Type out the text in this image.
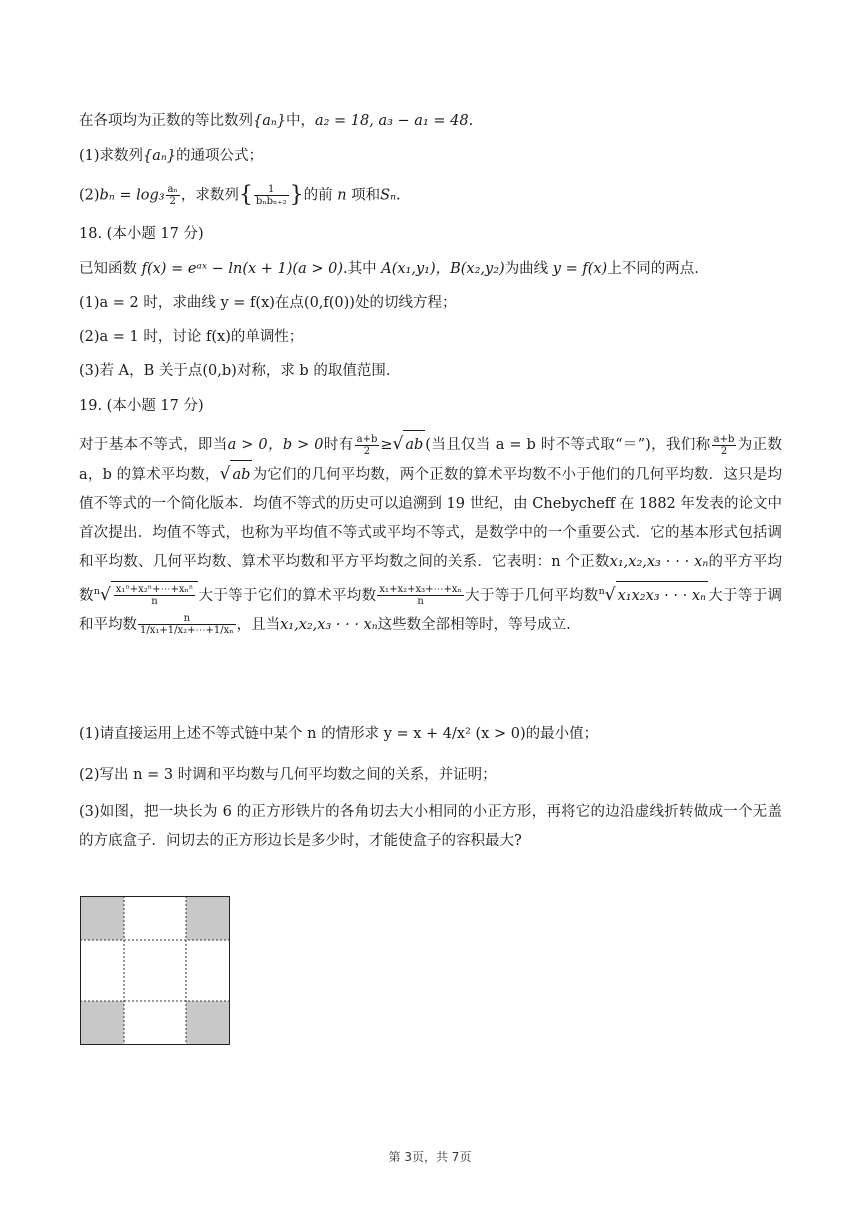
在各项均为正数的等比数列{aₙ}中，a₂ = 18, a₃ − a₁ = 48.
(1)求数列{aₙ}的通项公式；
$(2)b_n = \log_3 \frac{\text{aₙ}}{2}$ ，求数列{ $\frac{1}{\text{bₙbₙ₊₂}}$ }的前 n 项和Sₙ.
18. (本小题 17 分)
已知函数 f(x) = eᵃˣ − ln(x + 1)(a > 0).其中 A(x₁,y₁)，B(x₂,y₂)为曲线 y = f(x)上不同的两点.
(1)a = 2 时，求曲线 y = f(x)在点(0,f(0))处的切线方程；
(2)a = 1 时，讨论 f(x)的单调性；
(3)若 A，B 关于点(0,b)对称，求 b 的取值范围.
19. (本小题 17 分)
对于基本不等式，即当a > 0，b > 0时有 $\frac{a+b}{2}$ ≥√ ab (当且仅当 a = b 时不等式取“＝”)，我们称 $\frac{a+b}{2}$ 为正数 a，b 的算术平均数，√ ab 为它们的几何平均数，两个正数的算术平均数不小于他们的几何平均数．这只是均值不等式的一个简化版本．均值不等式的历史可以追溯到 19 世纪，由 Chebycheff 在 1882 年发表的论文中首次提出．均值不等式，也称为平均值不等式或平均不等式，是数学中的一个重要公式．它的基本形式包括调和平均数、几何平均数、算术平均数和平方平均数之间的关系．它表明：n 个正数x₁,x₂,x₃ · · · xₙ的平方平均数$^n√ \frac{\text{x₁ⁿ+x₂ⁿ+⋯+xₙⁿ}}{n}$ 大于等于它们的算术平均数 $\frac{\text{x₁+x₂+x₃+⋯+xₙ}}{n}$ 大于等于几何平均数$^n$√ x₁x₂x₃ · · · xₙ 大于等于调和平均数 $\frac{n}{\text{1/x₁+1/x₂+⋯+1/xₙ}}$ ，且当x₁,x₂,x₃ · · · xₙ这些数全部相等时，等号成立.
(1)请直接运用上述不等式链中某个 n 的情形求 y = x + 4/x² (x > 0)的最小值；
(2)写出 n = 3 时调和平均数与几何平均数之间的关系，并证明；
(3)如图，把一块长为 6 的正方形铁片的各角切去大小相同的小正方形，再将它的边沿虚线折转做成一个无盖的方底盒子．问切去的正方形边长是多少时，才能使盒子的容积最大?
第 3页，共 7页
